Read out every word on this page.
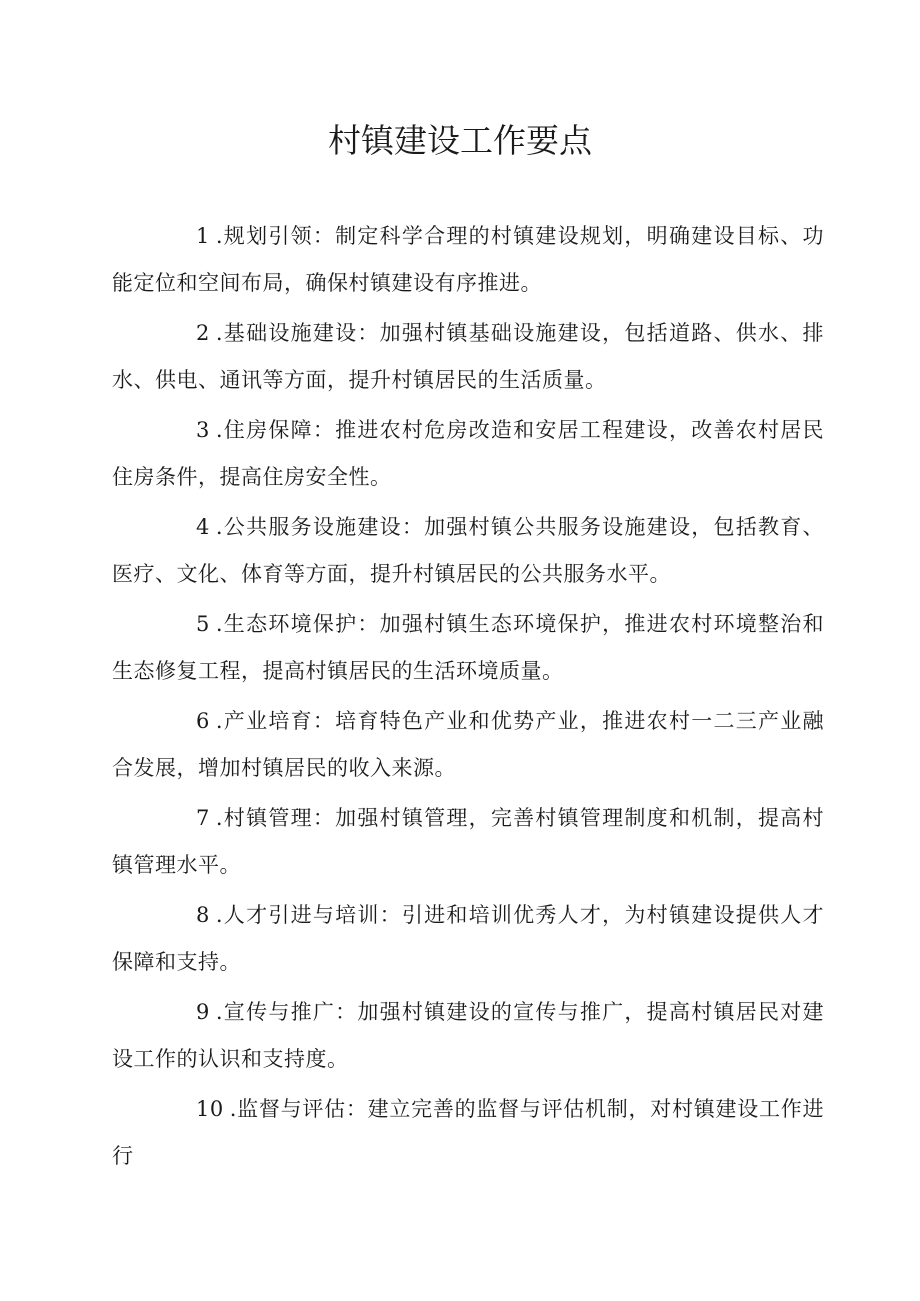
村镇建设工作要点

1 .规划引领：制定科学合理的村镇建设规划，明确建设目标、功能定位和空间布局，确保村镇建设有序推进。

2 .基础设施建设：加强村镇基础设施建设，包括道路、供水、排水、供电、通讯等方面，提升村镇居民的生活质量。

3 .住房保障：推进农村危房改造和安居工程建设，改善农村居民住房条件，提高住房安全性。

4 .公共服务设施建设：加强村镇公共服务设施建设，包括教育、医疗、文化、体育等方面，提升村镇居民的公共服务水平。

5 .生态环境保护：加强村镇生态环境保护，推进农村环境整治和生态修复工程，提高村镇居民的生活环境质量。

6 .产业培育：培育特色产业和优势产业，推进农村一二三产业融合发展，增加村镇居民的收入来源。

7 .村镇管理：加强村镇管理，完善村镇管理制度和机制，提高村镇管理水平。

8 .人才引进与培训：引进和培训优秀人才，为村镇建设提供人才保障和支持。

9 .宣传与推广：加强村镇建设的宣传与推广，提高村镇居民对建设工作的认识和支持度。

10 .监督与评估：建立完善的监督与评估机制，对村镇建设工作进行
